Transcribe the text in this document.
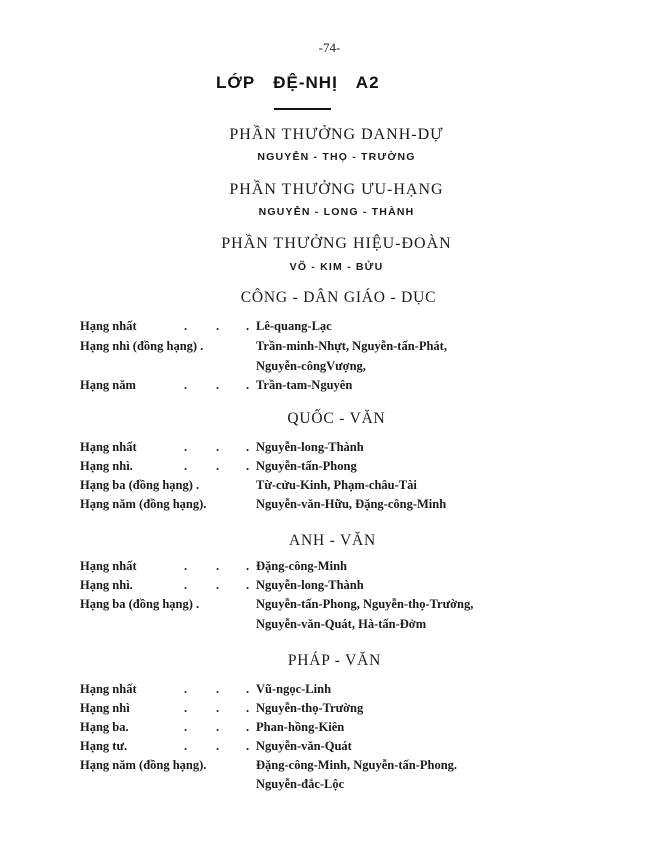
-74-
LỚP ĐỆ-NHỊ A2
PHẦN THƯỞNG DANH-DỰ
NGUYỄN - THỌ - TRƯỜNG
PHẦN THƯỞNG ƯU-HẠNG
NGUYỄN - LONG - THÀNH
PHẦN THƯỞNG HIỆU-ĐOÀN
VÕ - KIM - BỬU
CÔNG - DÂN GIÁO - DỤC
Hạng nhất	. . . Lê-quang-Lạc
Hạng nhì (đồng hạng) .	Trần-minh-Nhựt, Nguyễn-tấn-Phát,
Nguyễn-côngVượng,
Hạng năm	. . . Trần-tam-Nguyên
QUỐC - VĂN
Hạng nhất	. . . Nguyễn-long-Thành
Hạng nhì.	. . . Nguyễn-tấn-Phong
Hạng ba (đồng hạng) .	Từ-cửu-Kinh, Phạm-châu-Tài
Hạng năm (đồng hạng).	Nguyễn-văn-Hữu, Đặng-công-Minh
ANH - VĂN
Hạng nhất	. . . Đặng-công-Minh
Hạng nhì.	. . . Nguyễn-long-Thành
Hạng ba (đồng hạng) .	Nguyễn-tấn-Phong, Nguyễn-thọ-Trường,
Nguyễn-văn-Quát, Hà-tấn-Đởm
PHÁP - VĂN
Hạng nhất	. . . Vũ-ngọc-Linh
Hạng nhì	. . . Nguyễn-thọ-Trường
Hạng ba.	. . . Phan-hồng-Kiên
Hạng tư.	. . . Nguyễn-văn-Quát
Hạng năm (đồng hạng).	Đặng-công-Minh, Nguyễn-tấn-Phong.
Nguyễn-đắc-Lộc
